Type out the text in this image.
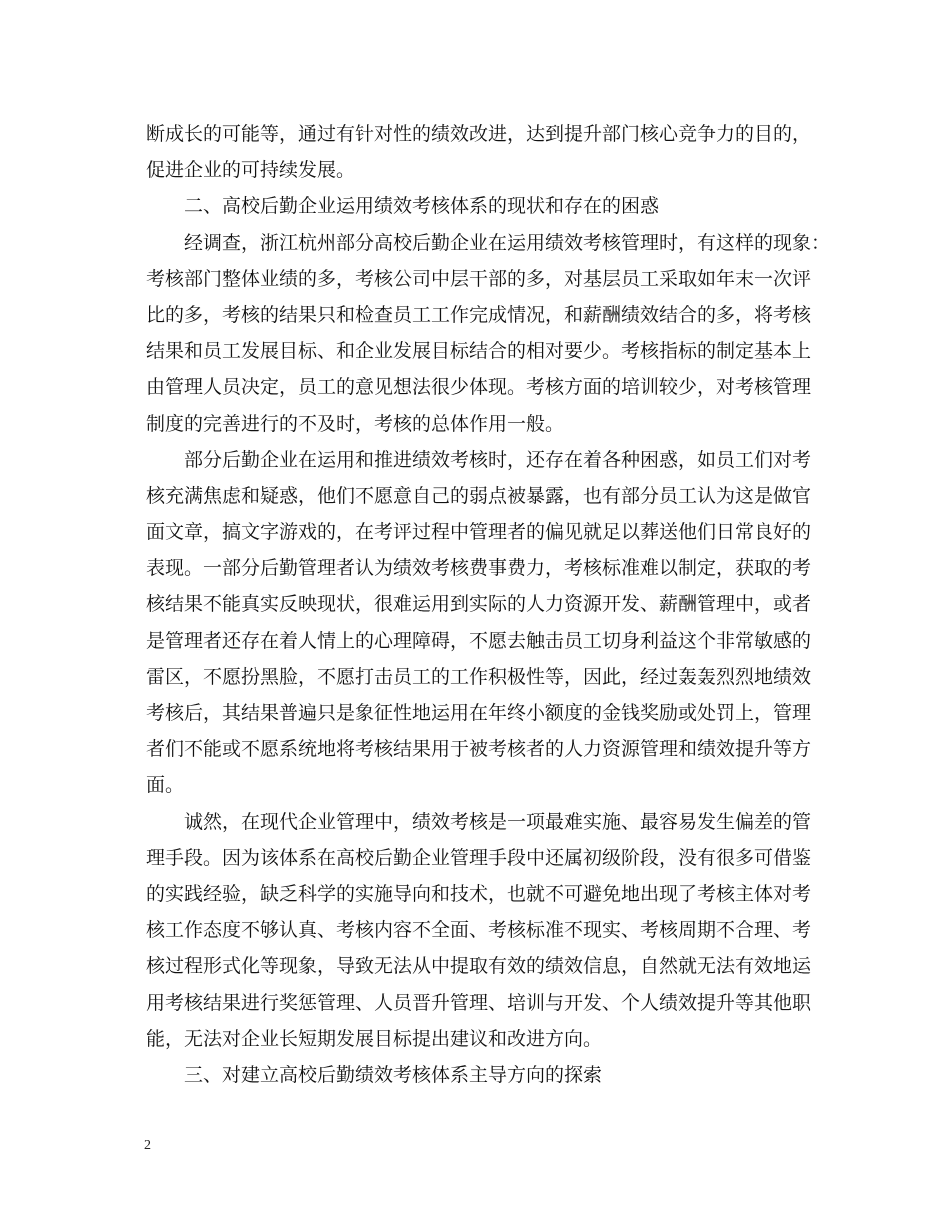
断成长的可能等，通过有针对性的绩效改进，达到提升部门核心竞争力的目的，
促进企业的可持续发展。
二、高校后勤企业运用绩效考核体系的现状和存在的困惑
经调查，浙江杭州部分高校后勤企业在运用绩效考核管理时，有这样的现象：
考核部门整体业绩的多，考核公司中层干部的多，对基层员工采取如年末一次评
比的多，考核的结果只和检查员工工作完成情况，和薪酬绩效结合的多，将考核
结果和员工发展目标、和企业发展目标结合的相对要少。考核指标的制定基本上
由管理人员决定，员工的意见想法很少体现。考核方面的培训较少，对考核管理
制度的完善进行的不及时，考核的总体作用一般。
部分后勤企业在运用和推进绩效考核时，还存在着各种困惑，如员工们对考
核充满焦虑和疑惑，他们不愿意自己的弱点被暴露，也有部分员工认为这是做官
面文章，搞文字游戏的，在考评过程中管理者的偏见就足以葬送他们日常良好的
表现。一部分后勤管理者认为绩效考核费事费力，考核标准难以制定，获取的考
核结果不能真实反映现状，很难运用到实际的人力资源开发、薪酬管理中，或者
是管理者还存在着人情上的心理障碍，不愿去触击员工切身利益这个非常敏感的
雷区，不愿扮黑脸，不愿打击员工的工作积极性等，因此，经过轰轰烈烈地绩效
考核后，其结果普遍只是象征性地运用在年终小额度的金钱奖励或处罚上，管理
者们不能或不愿系统地将考核结果用于被考核者的人力资源管理和绩效提升等方
面。
诚然，在现代企业管理中，绩效考核是一项最难实施、最容易发生偏差的管
理手段。因为该体系在高校后勤企业管理手段中还属初级阶段，没有很多可借鉴
的实践经验，缺乏科学的实施导向和技术，也就不可避免地出现了考核主体对考
核工作态度不够认真、考核内容不全面、考核标准不现实、考核周期不合理、考
核过程形式化等现象，导致无法从中提取有效的绩效信息，自然就无法有效地运
用考核结果进行奖惩管理、人员晋升管理、培训与开发、个人绩效提升等其他职
能，无法对企业长短期发展目标提出建议和改进方向。
三、对建立高校后勤绩效考核体系主导方向的探索
2
